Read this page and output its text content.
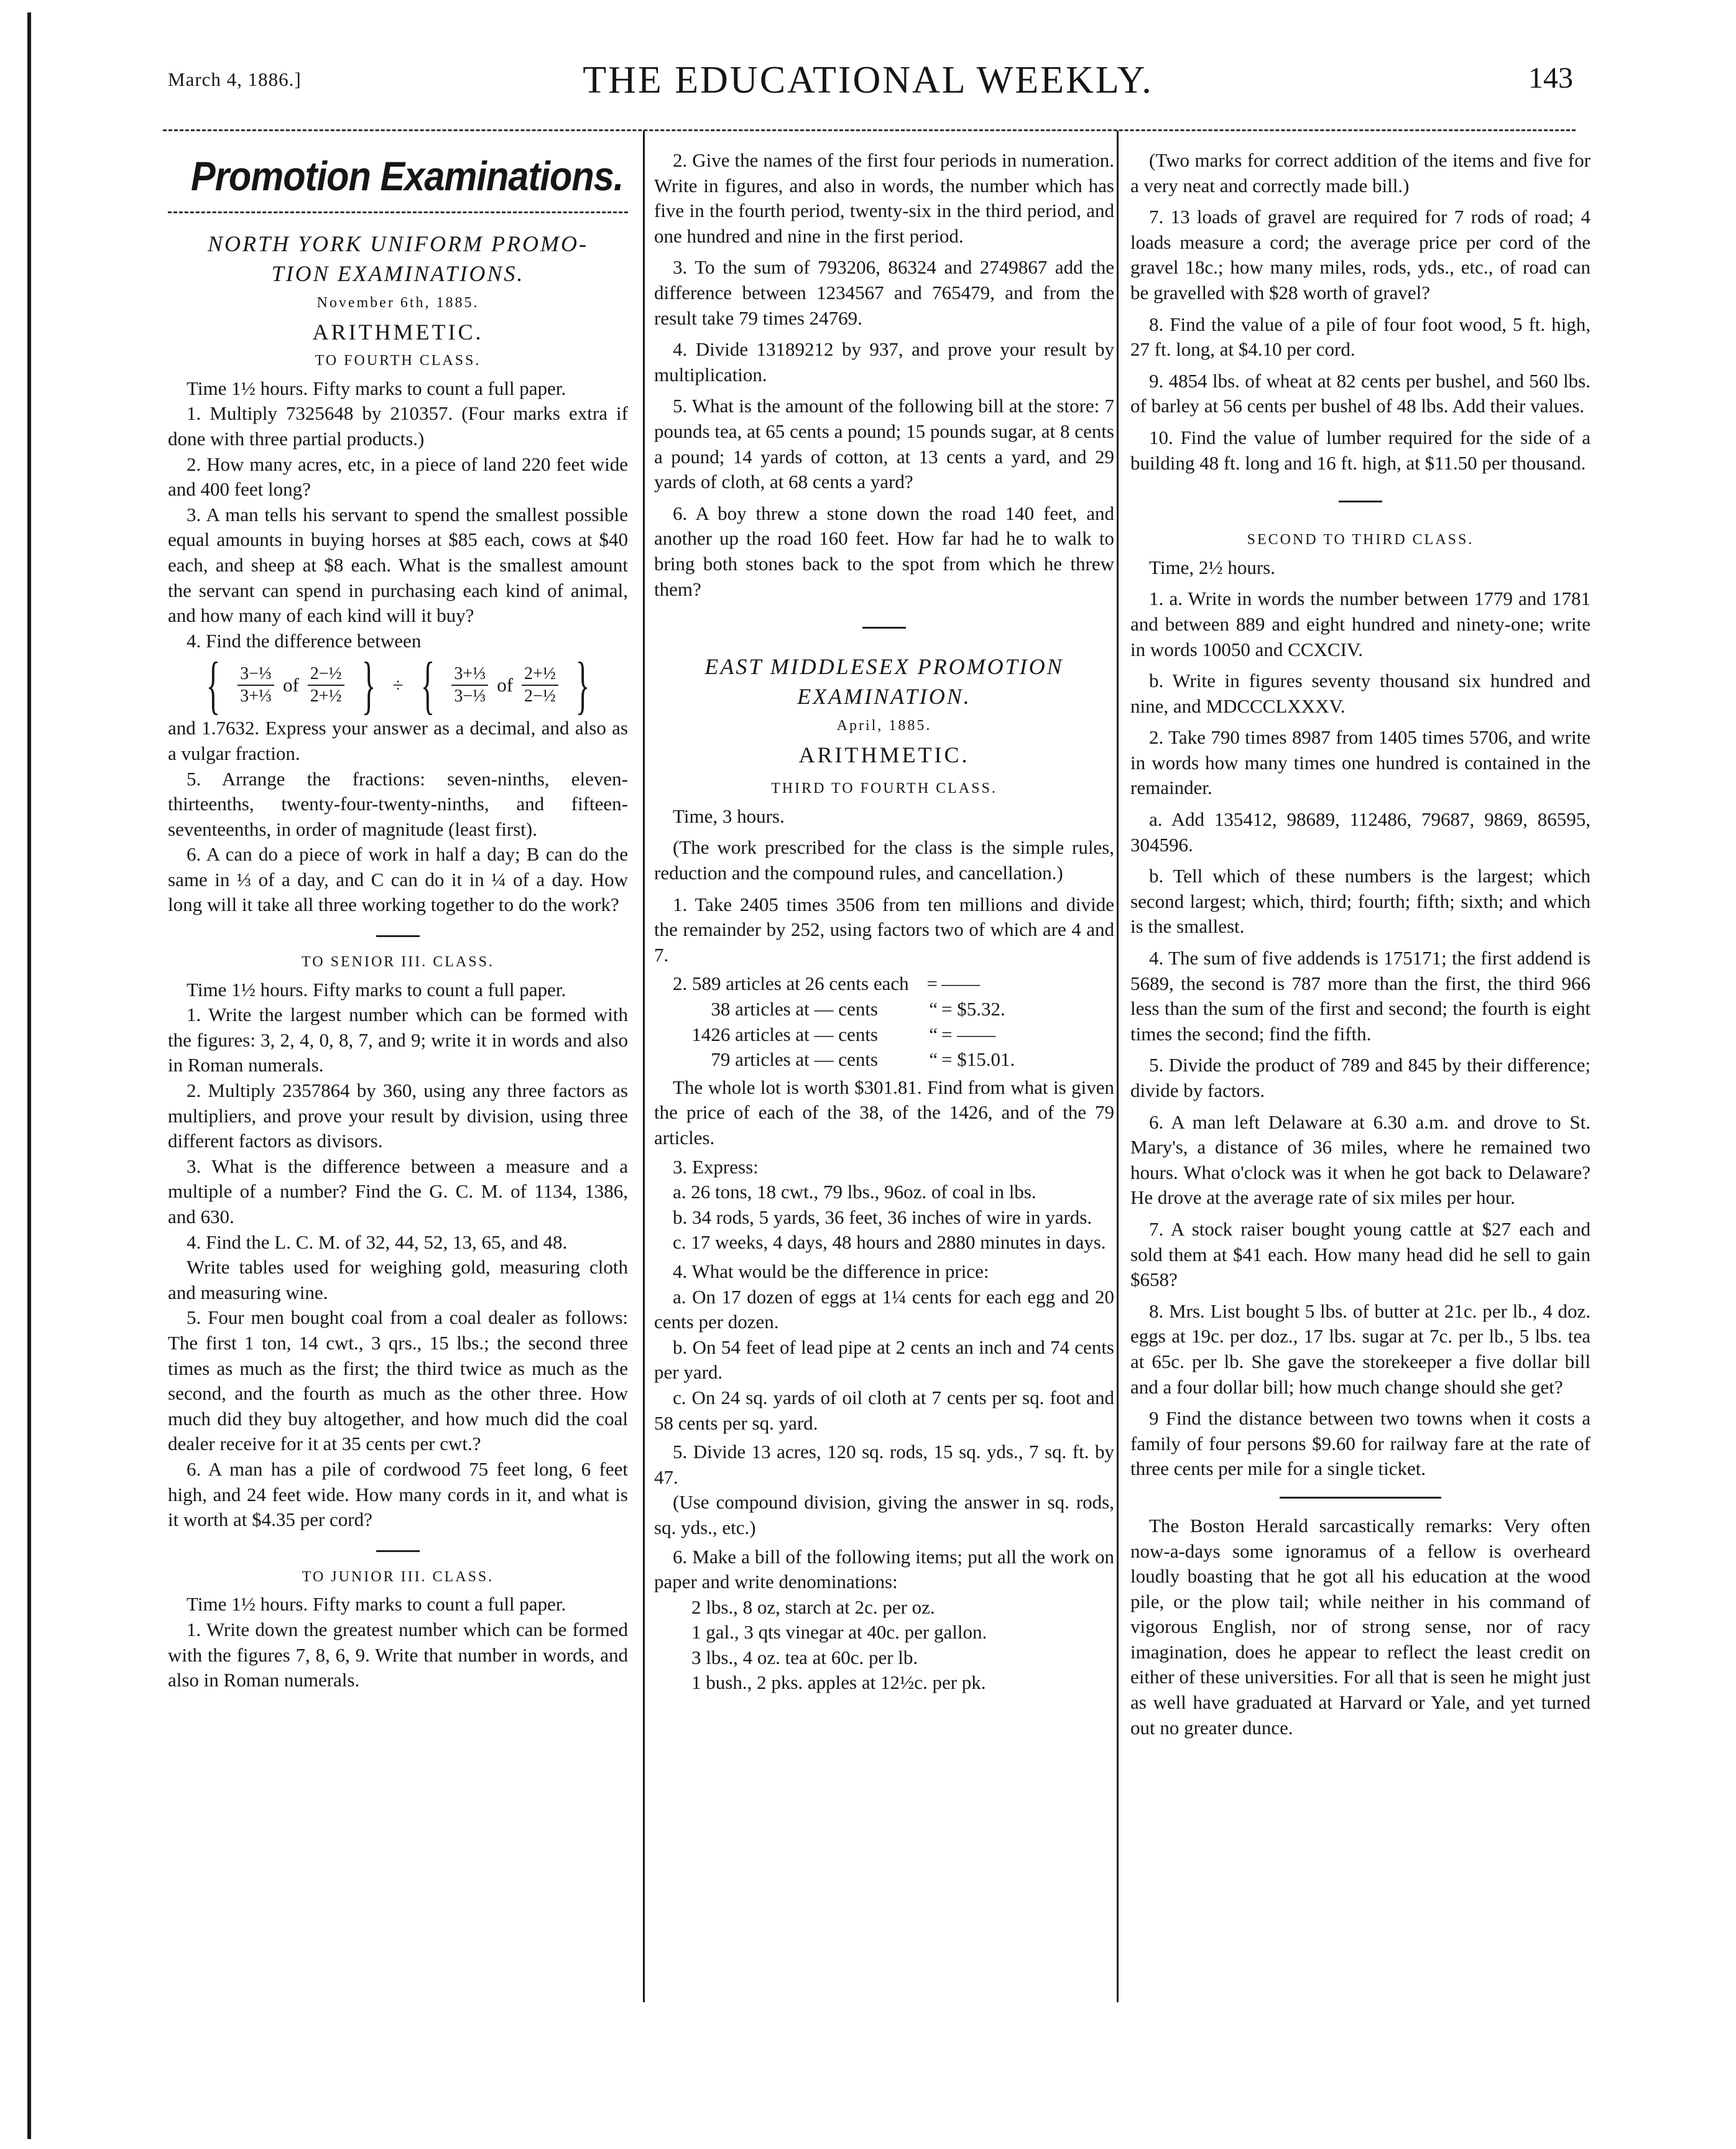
March 4, 1886.]	THE EDUCATIONAL WEEKLY.	143
Promotion Examinations.
NORTH YORK UNIFORM PROMO-
TION EXAMINATIONS.
November 6th, 1885.
ARITHMETIC.
TO FOURTH CLASS.

Time 1½ hours. Fifty marks to count a full paper.

1. Multiply 7325648 by 210357. (Four marks extra if done with three partial products.)

2. How many acres, etc, in a piece of land 220 feet wide and 400 feet long?

3. A man tells his servant to spend the smallest possible equal amounts in buying horses at $85 each, cows at $40 each, and sheep at $8 each. What is the smallest amount the servant can spend in purchasing each kind of animal, and how many of each kind will it buy?

4. Find the difference between

{ $\frac{\text{3−⅓}}{\text{3+⅓}}$ of $\frac{\text{2−½}}{\text{2+½}}$ } ÷ { $\frac{\text{3+⅓}}{\text{3−⅓}}$ of $\frac{\text{2+½}}{\text{2−½}}$ }

and 1.7632. Express your answer as a decimal, and also as a vulgar fraction.

5. Arrange the fractions: seven-ninths, eleven-thirteenths, twenty-four-twenty-ninths, and fifteen-seventeenths, in order of magnitude (least first).

6. A can do a piece of work in half a day; B can do the same in ⅓ of a day, and C can do it in ¼ of a day. How long will it take all three working together to do the work?

TO SENIOR III. CLASS.

Time 1½ hours. Fifty marks to count a full paper.

1. Write the largest number which can be formed with the figures: 3, 2, 4, 0, 8, 7, and 9; write it in words and also in Roman numerals.

2. Multiply 2357864 by 360, using any three factors as multipliers, and prove your result by division, using three different factors as divisors.

3. What is the difference between a measure and a multiple of a number? Find the G. C. M. of 1134, 1386, and 630.

4. Find the L. C. M. of 32, 44, 52, 13, 65, and 48.

Write tables used for weighing gold, measuring cloth and measuring wine.

5. Four men bought coal from a coal dealer as follows: The first 1 ton, 14 cwt., 3 qrs., 15 lbs.; the second three times as much as the first; the third twice as much as the second, and the fourth as much as the other three. How much did they buy altogether, and how much did the coal dealer receive for it at 35 cents per cwt.?

6. A man has a pile of cordwood 75 feet long, 6 feet high, and 24 feet wide. How many cords in it, and what is it worth at $4.35 per cord?

TO JUNIOR III. CLASS.

Time 1½ hours. Fifty marks to count a full paper.

1. Write down the greatest number which can be formed with the figures 7, 8, 6, 9. Write that number in words, and also in Roman numerals.

2. Give the names of the first four periods in numeration. Write in figures, and also in words, the number which has five in the fourth period, twenty-six in the third period, and one hundred and nine in the first period.

3. To the sum of 793206, 86324 and 2749867 add the difference between 1234567 and 765479, and from the result take 79 times 24769.

4. Divide 13189212 by 937, and prove your result by multiplication.

5. What is the amount of the following bill at the store: 7 pounds tea, at 65 cents a pound; 15 pounds sugar, at 8 cents a pound; 14 yards of cotton, at 13 cents a yard, and 29 yards of cloth, at 68 cents a yard?

6. A boy threw a stone down the road 140 feet, and another up the road 160 feet. How far had he to walk to bring both stones back to the spot from which he threw them?

EAST MIDDLESEX PROMOTION
EXAMINATION.
April, 1885.
ARITHMETIC.
THIRD TO FOURTH CLASS.

Time, 3 hours.

(The work prescribed for the class is the simple rules, reduction and the compound rules, and cancellation.)

1. Take 2405 times 3506 from ten millions and divide the remainder by 252, using factors two of which are 4 and 7.

2. 589 articles at 26 cents each = ——
38 articles at — cents	“ = $5.32.
1426 articles at — cents	“ = ——
79 articles at — cents	“ = $15.01.

The whole lot is worth $301.81. Find from what is given the price of each of the 38, of the 1426, and of the 79 articles.

3. Express:

a. 26 tons, 18 cwt., 79 lbs., 96oz. of coal in lbs.

b. 34 rods, 5 yards, 36 feet, 36 inches of wire in yards.

c. 17 weeks, 4 days, 48 hours and 2880 minutes in days.

4. What would be the difference in price:

a. On 17 dozen of eggs at 1¼ cents for each egg and 20 cents per dozen.

b. On 54 feet of lead pipe at 2 cents an inch and 74 cents per yard.

c. On 24 sq. yards of oil cloth at 7 cents per sq. foot and 58 cents per sq. yard.

5. Divide 13 acres, 120 sq. rods, 15 sq. yds., 7 sq. ft. by 47.

(Use compound division, giving the answer in sq. rods, sq. yds., etc.)

6. Make a bill of the following items; put all the work on paper and write denominations:

2 lbs., 8 oz, starch at 2c. per oz.

1 gal., 3 qts vinegar at 40c. per gallon.

3 lbs., 4 oz. tea at 60c. per lb.

1 bush., 2 pks. apples at 12½c. per pk.

(Two marks for correct addition of the items and five for a very neat and correctly made bill.)

7. 13 loads of gravel are required for 7 rods of road; 4 loads measure a cord; the average price per cord of the gravel 18c.; how many miles, rods, yds., etc., of road can be gravelled with $28 worth of gravel?

8. Find the value of a pile of four foot wood, 5 ft. high, 27 ft. long, at $4.10 per cord.

9. 4854 lbs. of wheat at 82 cents per bushel, and 560 lbs. of barley at 56 cents per bushel of 48 lbs. Add their values.

10. Find the value of lumber required for the side of a building 48 ft. long and 16 ft. high, at $11.50 per thousand.

SECOND TO THIRD CLASS.

Time, 2½ hours.

1. a. Write in words the number between 1779 and 1781 and between 889 and eight hundred and ninety-one; write in words 10050 and CCXCIV.

b. Write in figures seventy thousand six hundred and nine, and MDCCCLXXXV.

2. Take 790 times 8987 from 1405 times 5706, and write in words how many times one hundred is contained in the remainder.

a. Add 135412, 98689, 112486, 79687, 9869, 86595, 304596.

b. Tell which of these numbers is the largest; which second largest; which, third; fourth; fifth; sixth; and which is the smallest.

4. The sum of five addends is 175171; the first addend is 5689, the second is 787 more than the first, the third 966 less than the sum of the first and second; the fourth is eight times the second; find the fifth.

5. Divide the product of 789 and 845 by their difference; divide by factors.

6. A man left Delaware at 6.30 a.m. and drove to St. Mary's, a distance of 36 miles, where he remained two hours. What o'clock was it when he got back to Delaware? He drove at the average rate of six miles per hour.

7. A stock raiser bought young cattle at $27 each and sold them at $41 each. How many head did he sell to gain $658?

8. Mrs. List bought 5 lbs. of butter at 21c. per lb., 4 doz. eggs at 19c. per doz., 17 lbs. sugar at 7c. per lb., 5 lbs. tea at 65c. per lb. She gave the storekeeper a five dollar bill and a four dollar bill; how much change should she get?

9 Find the distance between two towns when it costs a family of four persons $9.60 for railway fare at the rate of three cents per mile for a single ticket.

The Boston Herald sarcastically remarks: Very often now-a-days some ignoramus of a fellow is overheard loudly boasting that he got all his education at the wood pile, or the plow tail; while neither in his command of vigorous English, nor of strong sense, nor of racy imagination, does he appear to reflect the least credit on either of these universities. For all that is seen he might just as well have graduated at Harvard or Yale, and yet turned out no greater dunce.
